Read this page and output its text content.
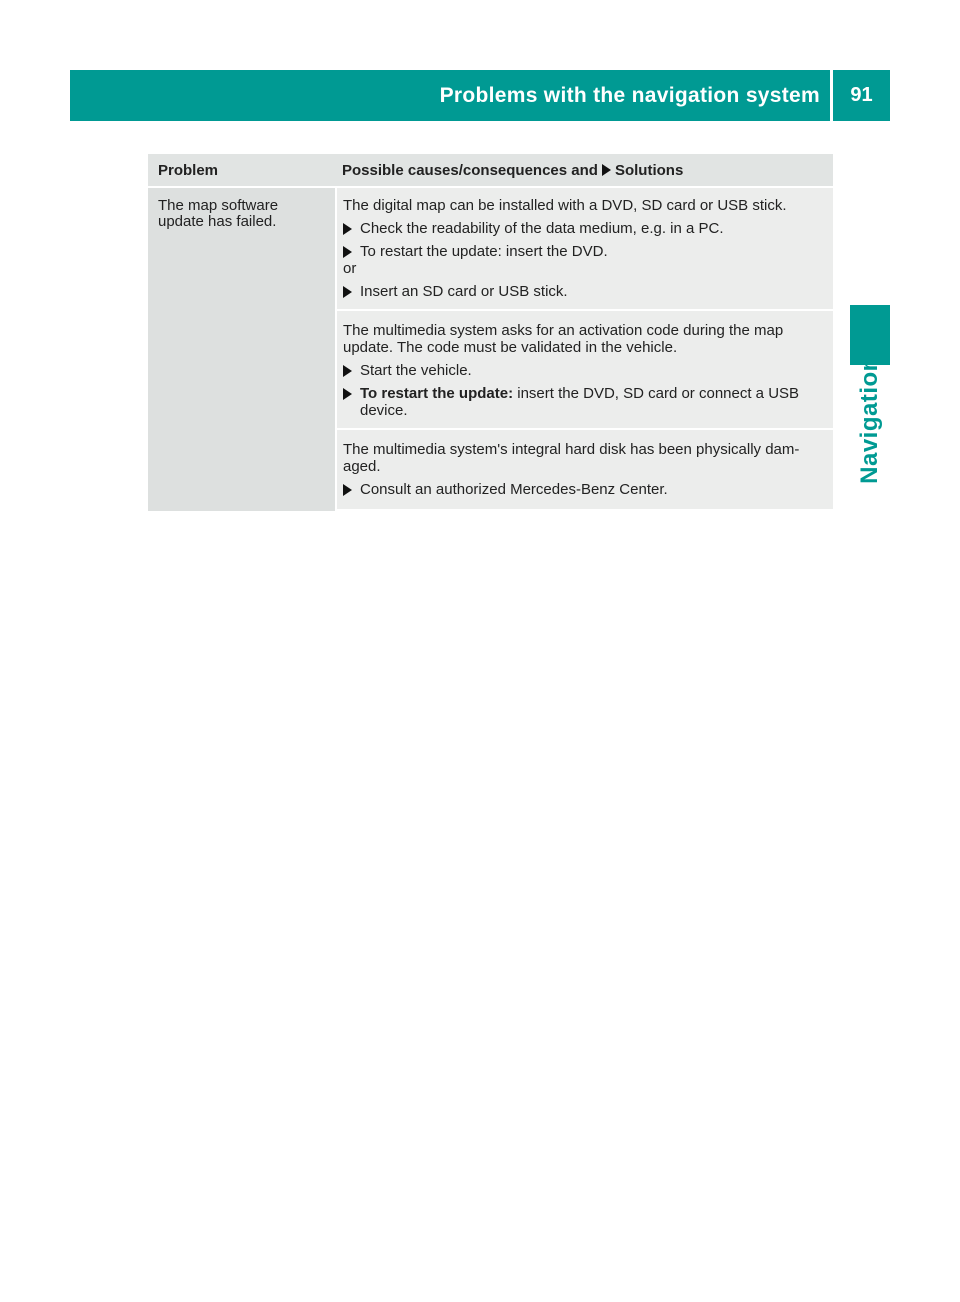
Problems with the navigation system 91
Navigation
Problem	Possible causes/consequences and Solutions
The map software update has failed.

The digital map can be installed with a DVD, SD card or USB stick.

Check the readability of the data medium, e.g. in a PC.
To restart the update: insert the DVD.

or

Insert an SD card or USB stick.

The multimedia system asks for an activation code during the map update. The code must be validated in the vehicle.

Start the vehicle.
To restart the update: insert the DVD, SD card or connect a USB device.

The multimedia system's integral hard disk has been physically dam-aged.

Consult an authorized Mercedes-Benz Center.
